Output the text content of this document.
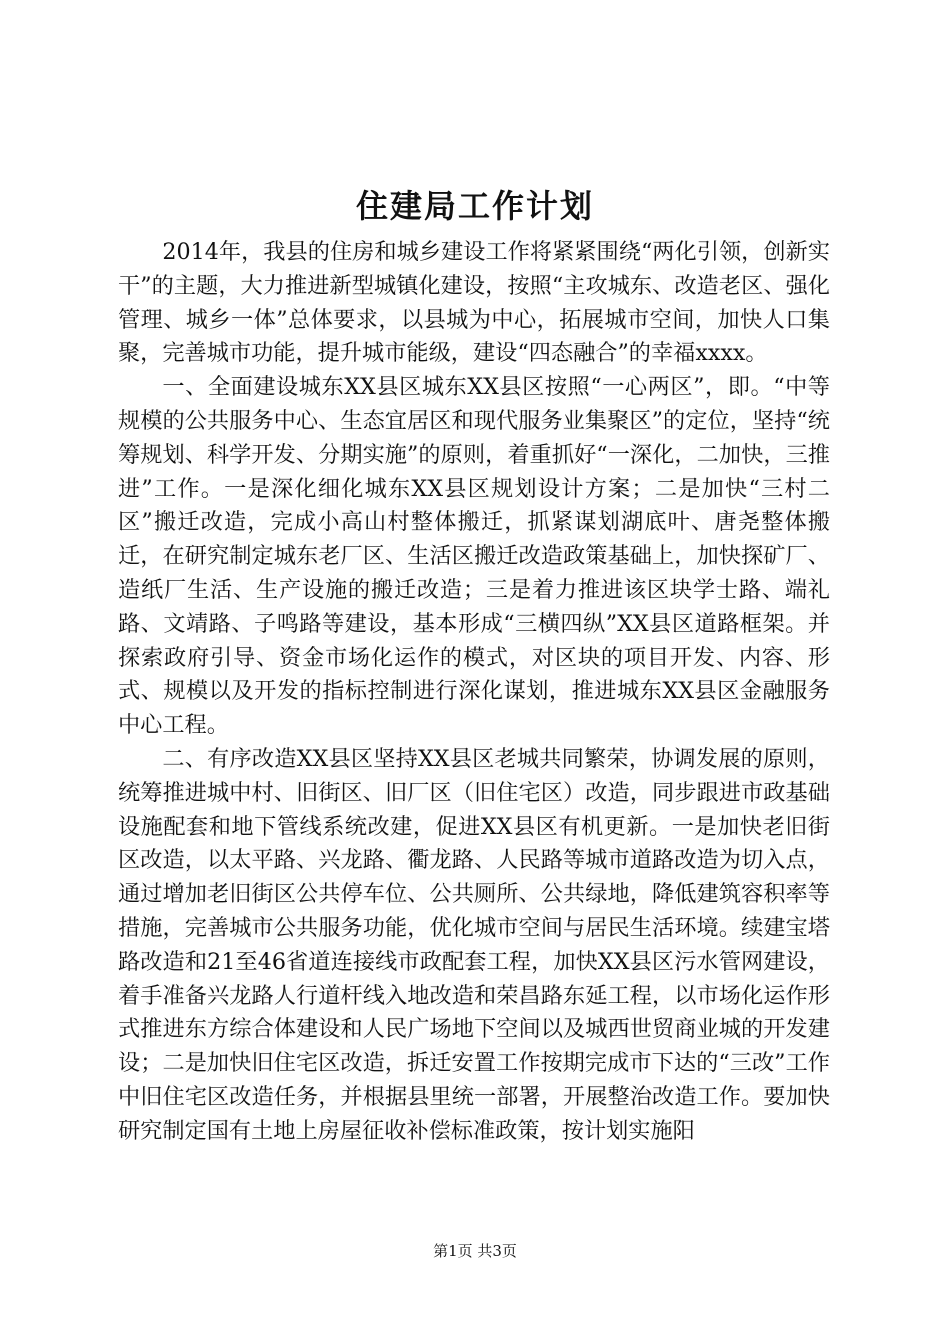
住建局工作计划

2014年，我县的住房和城乡建设工作将紧紧围绕“两化引领，创新实干”的主题，大力推进新型城镇化建设，按照“主攻城东、改造老区、强化管理、城乡一体”总体要求，以县城为中心，拓展城市空间，加快人口集聚，完善城市功能，提升城市能级，建设“四态融合”的幸福xxxx。

一、全面建设城东XX县区城东XX县区按照“一心两区”，即。“中等规模的公共服务中心、生态宜居区和现代服务业集聚区”的定位，坚持“统筹规划、科学开发、分期实施”的原则，着重抓好“一深化，二加快，三推进”工作。一是深化细化城东XX县区规划设计方案；二是加快“三村二区”搬迁改造，完成小高山村整体搬迁，抓紧谋划湖底叶、唐尧整体搬迁，在研究制定城东老厂区、生活区搬迁改造政策基础上，加快探矿厂、造纸厂生活、生产设施的搬迁改造；三是着力推进该区块学士路、端礼路、文靖路、子鸣路等建设，基本形成“三横四纵”XX县区道路框架。并探索政府引导、资金市场化运作的模式，对区块的项目开发、内容、形式、规模以及开发的指标控制进行深化谋划，推进城东XX县区金融服务中心工程。

二、有序改造XX县区坚持XX县区老城共同繁荣，协调发展的原则，统筹推进城中村、旧街区、旧厂区（旧住宅区）改造，同步跟进市政基础设施配套和地下管线系统改建，促进XX县区有机更新。一是加快老旧街区改造，以太平路、兴龙路、衢龙路、人民路等城市道路改造为切入点，通过增加老旧街区公共停车位、公共厕所、公共绿地，降低建筑容积率等措施，完善城市公共服务功能，优化城市空间与居民生活环境。续建宝塔路改造和21至46省道连接线市政配套工程，加快XX县区污水管网建设，着手准备兴龙路人行道杆线入地改造和荣昌路东延工程，以市场化运作形式推进东方综合体建设和人民广场地下空间以及城西世贸商业城的开发建设；二是加快旧住宅区改造，拆迁安置工作按期完成市下达的“三改”工作中旧住宅区改造任务，并根据县里统一部署，开展整治改造工作。要加快研究制定国有土地上房屋征收补偿标准政策，按计划实施阳

第1页 共3页
